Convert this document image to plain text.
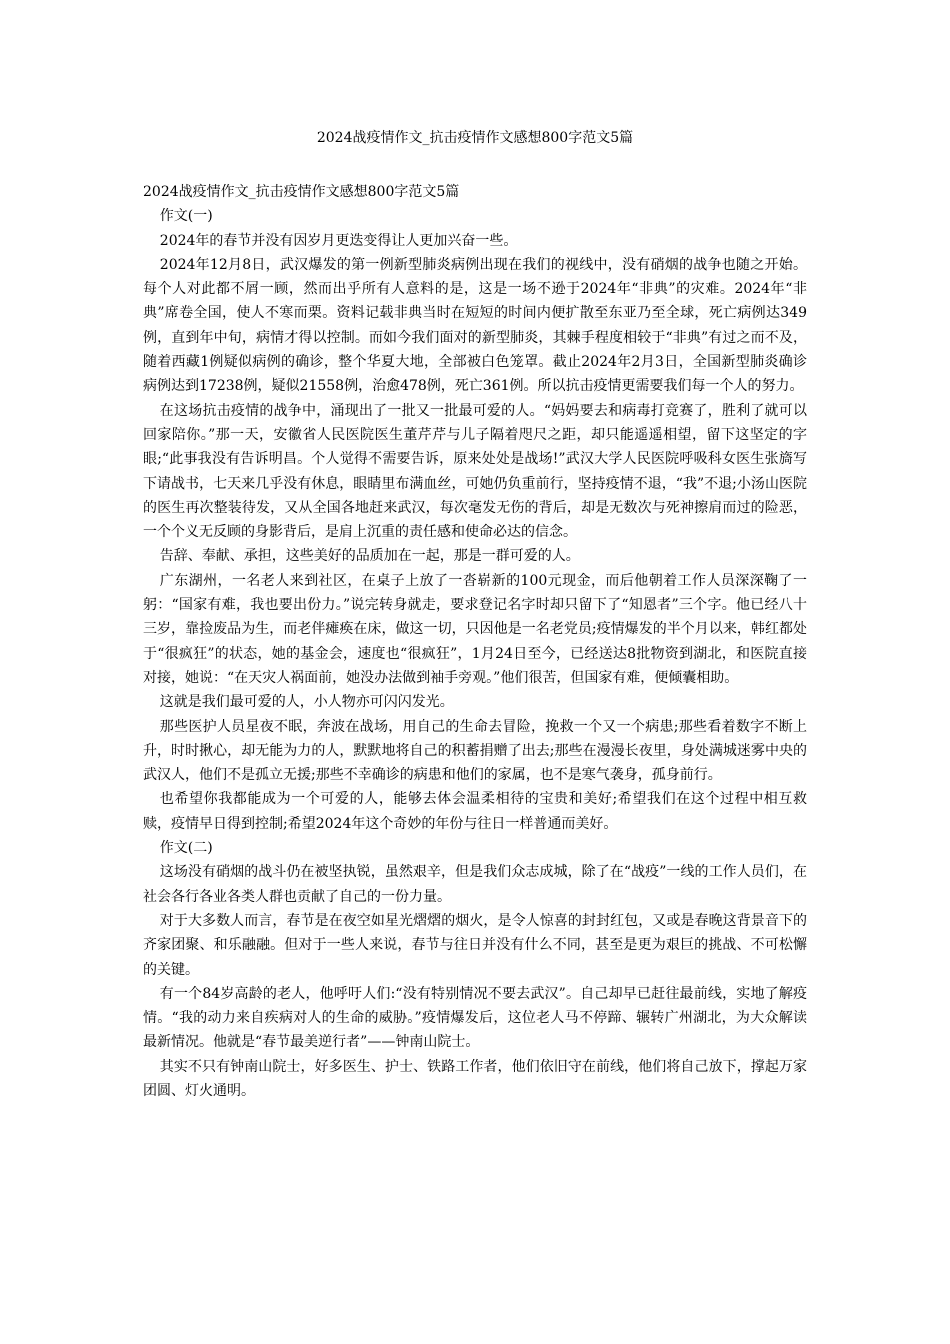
2024战疫情作文_抗击疫情作文感想800字范文5篇

2024战疫情作文_抗击疫情作文感想800字范文5篇

作文(一)

2024年的春节并没有因岁月更迭变得让人更加兴奋一些。

2024年12月8日，武汉爆发的第一例新型肺炎病例出现在我们的视线中，没有硝烟的战争也随之开始。每个人对此都不屑一顾，然而出乎所有人意料的是，这是一场不逊于2024年“非典”的灾难。2024年“非典”席卷全国，使人不寒而栗。资料记载非典当时在短短的时间内便扩散至东亚乃至全球，死亡病例达349例，直到年中旬，病情才得以控制。而如今我们面对的新型肺炎，其棘手程度相较于“非典”有过之而不及，随着西藏1例疑似病例的确诊，整个华夏大地，全部被白色笼罩。截止2024年2月3日，全国新型肺炎确诊病例达到17238例，疑似21558例，治愈478例，死亡361例。所以抗击疫情更需要我们每一个人的努力。

在这场抗击疫情的战争中，涌现出了一批又一批最可爱的人。“妈妈要去和病毒打竞赛了，胜利了就可以回家陪你。”那一天，安徽省人民医院医生董芹芹与儿子隔着咫尺之距，却只能遥遥相望，留下这坚定的字眼;“此事我没有告诉明昌。个人觉得不需要告诉，原来处处是战场!”武汉大学人民医院呼吸科女医生张旖写下请战书，七天来几乎没有休息，眼睛里布满血丝，可她仍负重前行，坚持疫情不退，“我”不退;小汤山医院的医生再次整装待发，又从全国各地赶来武汉，每次毫发无伤的背后，却是无数次与死神擦肩而过的险恶，一个个义无反顾的身影背后，是肩上沉重的责任感和使命必达的信念。

告辞、奉献、承担，这些美好的品质加在一起，那是一群可爱的人。

广东湖州，一名老人来到社区，在桌子上放了一沓崭新的100元现金，而后他朝着工作人员深深鞠了一躬：“国家有难，我也要出份力。”说完转身就走，要求登记名字时却只留下了“知恩者”三个字。他已经八十三岁，靠捡废品为生，而老伴瘫痪在床，做这一切，只因他是一名老党员;疫情爆发的半个月以来，韩红都处于“很疯狂”的状态，她的基金会，速度也“很疯狂”，1月24日至今，已经送达8批物资到湖北，和医院直接对接，她说：“在天灾人祸面前，她没办法做到袖手旁观。”他们很苦，但国家有难，便倾囊相助。

这就是我们最可爱的人，小人物亦可闪闪发光。

那些医护人员星夜不眠，奔波在战场，用自己的生命去冒险，挽救一个又一个病患;那些看着数字不断上升，时时揪心，却无能为力的人，默默地将自己的积蓄捐赠了出去;那些在漫漫长夜里，身处满城迷雾中央的武汉人，他们不是孤立无援;那些不幸确诊的病患和他们的家属，也不是寒气袭身，孤身前行。

也希望你我都能成为一个可爱的人，能够去体会温柔相待的宝贵和美好;希望我们在这个过程中相互救赎，疫情早日得到控制;希望2024年这个奇妙的年份与往日一样普通而美好。

作文(二)

这场没有硝烟的战斗仍在被坚执锐，虽然艰辛，但是我们众志成城，除了在“战疫”一线的工作人员们，在社会各行各业各类人群也贡献了自己的一份力量。

对于大多数人而言，春节是在夜空如星光熠熠的烟火，是令人惊喜的封封红包，又或是春晚这背景音下的齐家团聚、和乐融融。但对于一些人来说，春节与往日并没有什么不同，甚至是更为艰巨的挑战、不可松懈的关键。

有一个84岁高龄的老人，他呼吁人们:“没有特别情况不要去武汉”。自己却早已赶往最前线，实地了解疫情。“我的动力来自疾病对人的生命的威胁。”疫情爆发后，这位老人马不停蹄、辗转广州湖北，为大众解读最新情况。他就是“春节最美逆行者”——钟南山院士。

其实不只有钟南山院士，好多医生、护士、铁路工作者，他们依旧守在前线，他们将自己放下，撑起万家团圆、灯火通明。
